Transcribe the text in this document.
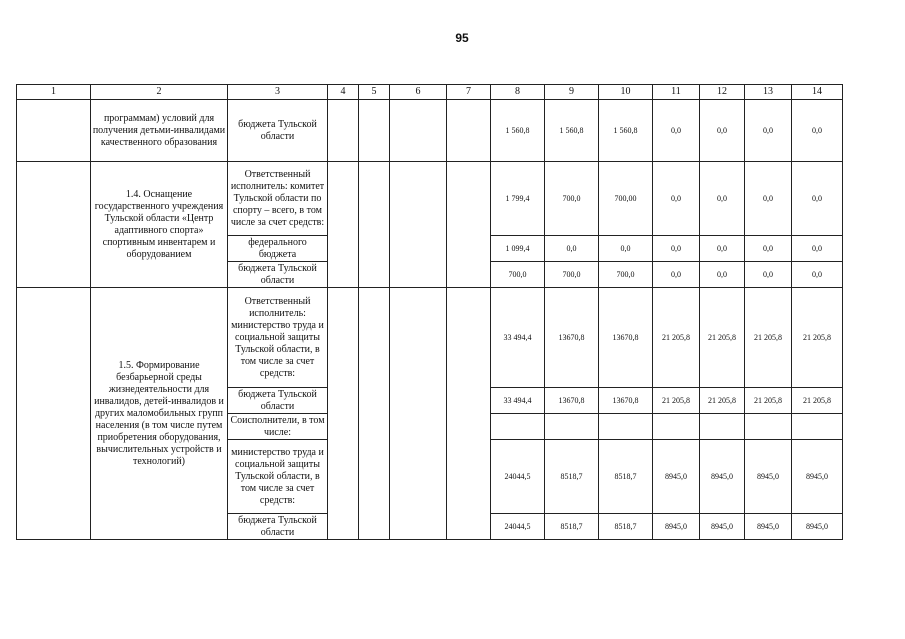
95
1	2	3	4	5	6	7	8	9	10	11	12	13	14
	программам) условий для получения детьми-инвалидами качественного образования	бюджета Тульской области					1 560,8	1 560,8	1 560,8	0,0	0,0	0,0	0,0
	1.4. Оснащение государственного учреждения Тульской области «Центр адаптивного спорта» спортивным инвентарем и оборудованием	Ответственный исполнитель: комитет Тульской области по спорту – всего, в том числе за счет средств:					1 799,4	700,0	700,00	0,0	0,0	0,0	0,0
		федерального бюджета					1 099,4	0,0	0,0	0,0	0,0	0,0	0,0
		бюджета Тульской области					700,0	700,0	700,0	0,0	0,0	0,0	0,0
	1.5. Формирование безбарьерной среды жизнедеятельности для инвалидов, детей-инвалидов и других маломобильных групп населения (в том числе путем приобретения оборудования, вычислительных устройств и технологий)	Ответственный исполнитель: министерство труда и социальной защиты Тульской области, в том числе за счет средств:					33 494,4	13670,8	13670,8	21 205,8	21 205,8	21 205,8	21 205,8
		бюджета Тульской области					33 494,4	13670,8	13670,8	21 205,8	21 205,8	21 205,8	21 205,8
		Соисполнители, в том числе:											
		министерство труда и социальной защиты Тульской области, в том числе за счет средств:					24044,5	8518,7	8518,7	8945,0	8945,0	8945,0	8945,0
		бюджета Тульской области					24044,5	8518,7	8518,7	8945,0	8945,0	8945,0	8945,0
